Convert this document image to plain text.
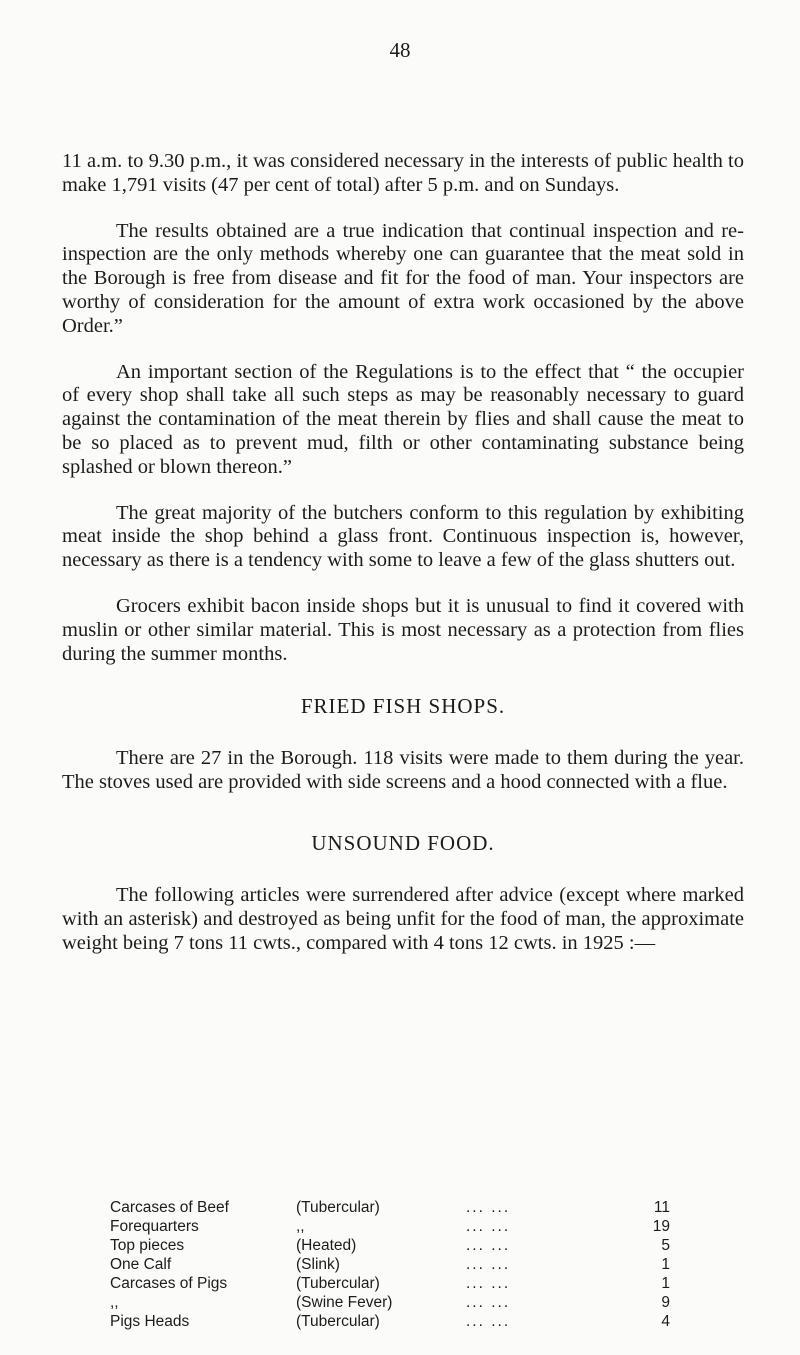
48

11 a.m. to 9.30 p.m., it was considered necessary in the interests of public health to make 1,791 visits (47 per cent of total) after 5 p.m. and on Sundays.

The results obtained are a true indication that continual inspection and re-inspection are the only methods whereby one can guarantee that the meat sold in the Borough is free from disease and fit for the food of man. Your inspectors are worthy of consideration for the amount of extra work occasioned by the above Order.”

An important section of the Regulations is to the effect that “ the occupier of every shop shall take all such steps as may be reasonably necessary to guard against the contamination of the meat therein by flies and shall cause the meat to be so placed as to prevent mud, filth or other contaminating substance being splashed or blown thereon.”

The great majority of the butchers conform to this regulation by exhibiting meat inside the shop behind a glass front. Continuous inspection is, however, necessary as there is a tendency with some to leave a few of the glass shutters out.

Grocers exhibit bacon inside shops but it is unusual to find it covered with muslin or other similar material. This is most necessary as a protection from flies during the summer months.

FRIED FISH SHOPS.

There are 27 in the Borough. 118 visits were made to them during the year. The stoves used are provided with side screens and a hood connected with a flue.

UNSOUND FOOD.

The following articles were surrendered after advice (except where marked with an asterisk) and destroyed as being unfit for the food of man, the approximate weight being 7 tons 11 cwts., compared with 4 tons 12 cwts. in 1925 :—

Carcases of Beef	(Tubercular)	... ...	11
Forequarters	,,	... ...	19
Top pieces	(Heated)	... ...	5
One Calf	(Slink)	... ...	1
Carcases of Pigs	(Tubercular)	... ...	1
,,	(Swine Fever)	... ...	9
Pigs Heads	(Tubercular)	... ...	4
